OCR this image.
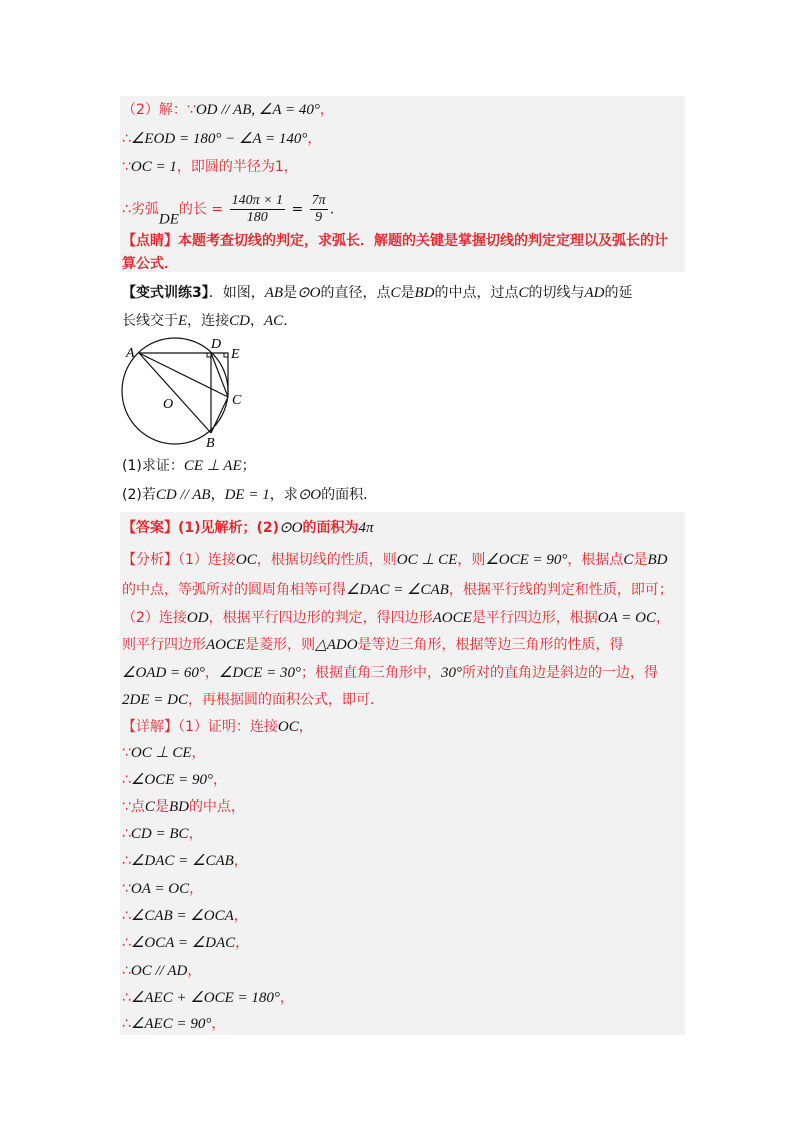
（2）解：∵OD // AB, ∠A = 40°，
∴∠EOD = 180° − ∠A = 140°，
∵OC = 1，即圆的半径为1，
∴劣弧DE的长 = $\frac{140\pi \times 1}{180} = \frac{7\pi}{9}$ .
【点睛】本题考查切线的判定，求弧长．解题的关键是掌握切线的判定定理以及弧长的计
算公式．
【变式训练3】．如图，AB是⊙O的直径，点C是BD的中点，过点C的切线与AD的延
长线交于E，连接CD，AC．
(1)求证：CE ⊥ AE；
(2)若CD // AB，DE = 1，求⊙O的面积．
【答案】(1)见解析；(2)⊙O的面积为4π
【分析】（1）连接OC，根据切线的性质，则OC ⊥ CE，则∠OCE = 90°，根据点C是BD
的中点，等弧所对的圆周角相等可得∠DAC = ∠CAB，根据平行线的判定和性质，即可；
（2）连接OD，根据平行四边形的判定，得四边形AOCE是平行四边形，根据OA = OC，
则平行四边形AOCE是菱形，则△ADO是等边三角形，根据等边三角形的性质，得
∠OAD = 60°，∠DCE = 30°；根据直角三角形中，30°所对的直角边是斜边的一边，得
2DE = DC，再根据圆的面积公式，即可．
【详解】（1）证明：连接OC，
∵OC ⊥ CE，
∴∠OCE = 90°，
∵点C是BD的中点，
∴CD = BC，
∴∠DAC = ∠CAB，
∵OA = OC，
∴∠CAB = ∠OCA，
∴∠OCA = ∠DAC，
∴OC // AD，
∴∠AEC + ∠OCE = 180°，
∴∠AEC = 90°，
A
D
E
O	C
B
